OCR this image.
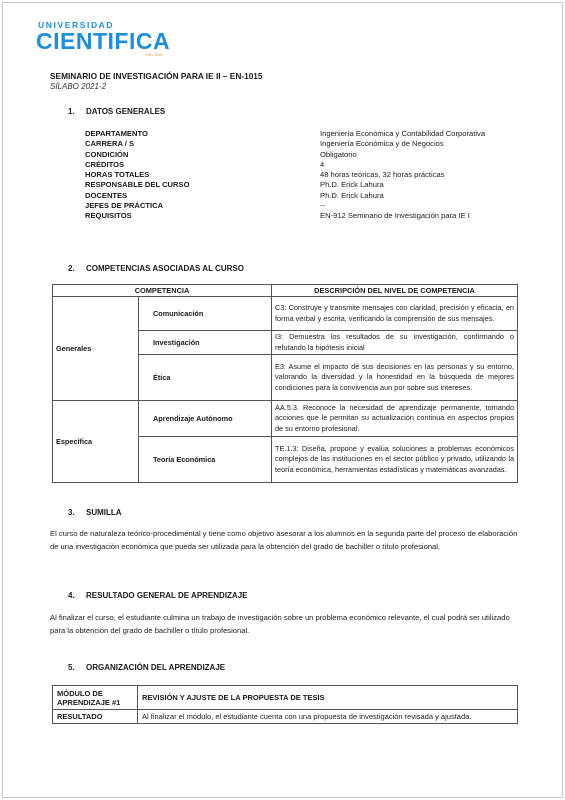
UNIVERSIDAD
CIENTIFICA
DEL SUR
SEMINARIO DE INVESTIGACIÓN PARA IE II – EN-1015
SÍLABO 2021-2
1. DATOS GENERALES
DEPARTAMENTO	Ingeniería Económica y Contabilidad Corporativa
CARRERA / S	Ingeniería Económica y de Negocios
CONDICIÓN	Obligatorio
CRÉDITOS	4
HORAS TOTALES	48 horas teóricas, 32 horas prácticas
RESPONSABLE DEL CURSO	Ph.D. Erick Lahura
DOCENTES	Ph.D. Erick Lahura
JEFES DE PRÁCTICA	--
REQUISITOS	EN-912 Seminario de Investigación para IE I
2. COMPETENCIAS ASOCIADAS AL CURSO
COMPETENCIA		DESCRIPCIÓN DEL NIVEL DE COMPETENCIA
Generales	Comunicación	C3: Construye y transmite mensajes con claridad, precisión y eficacia, en forma verbal y escrita, verificando la comprensión de sus mensajes.
	Investigación	I3: Demuestra los resultados de su investigación, confirmando o refutando la hipótesis inicial
	Ética	E3: Asume el impacto de sus decisiones en las personas y su entorno, valorando la diversidad y la honestidad en la búsqueda de mejores condiciones para la convivencia aun por sobre sus intereses.
Específica	Aprendizaje Autónomo	AA.5.3. Reconoce la necesidad de aprendizaje permanente, tomando acciones que le permitan su actualización continua en aspectos propios de su entorno profesional.
	Teoría Económica	TE.1.3: Diseña, propone y evalúa soluciones a problemas económicos complejos de las instituciones en el sector público y privado, utilizando la teoría económica, herramientas estadísticas y matemáticas avanzadas.
3. SUMILLA
El curso de naturaleza teórico-procedimental y tiene como objetivo asesorar a los alumnos en la segunda parte del proceso de elaboración de una investigación económica que pueda ser utilizada para la obtención del grado de bachiller o título profesional.
4. RESULTADO GENERAL DE APRENDIZAJE
Al finalizar el curso, el estudiante culmina un trabajo de investigación sobre un problema económico relevante, el cual podrá ser utilizado para la obtención del grado de bachiller o título profesional.
5. ORGANIZACIÓN DEL APRENDIZAJE
MÓDULO DE APRENDIZAJE #1	REVISIÓN Y AJUSTE DE LA PROPUESTA DE TESIS
RESULTADO	Al finalizar el módulo, el estudiante cuenta con una propuesta de investigación revisada y ajustada.
